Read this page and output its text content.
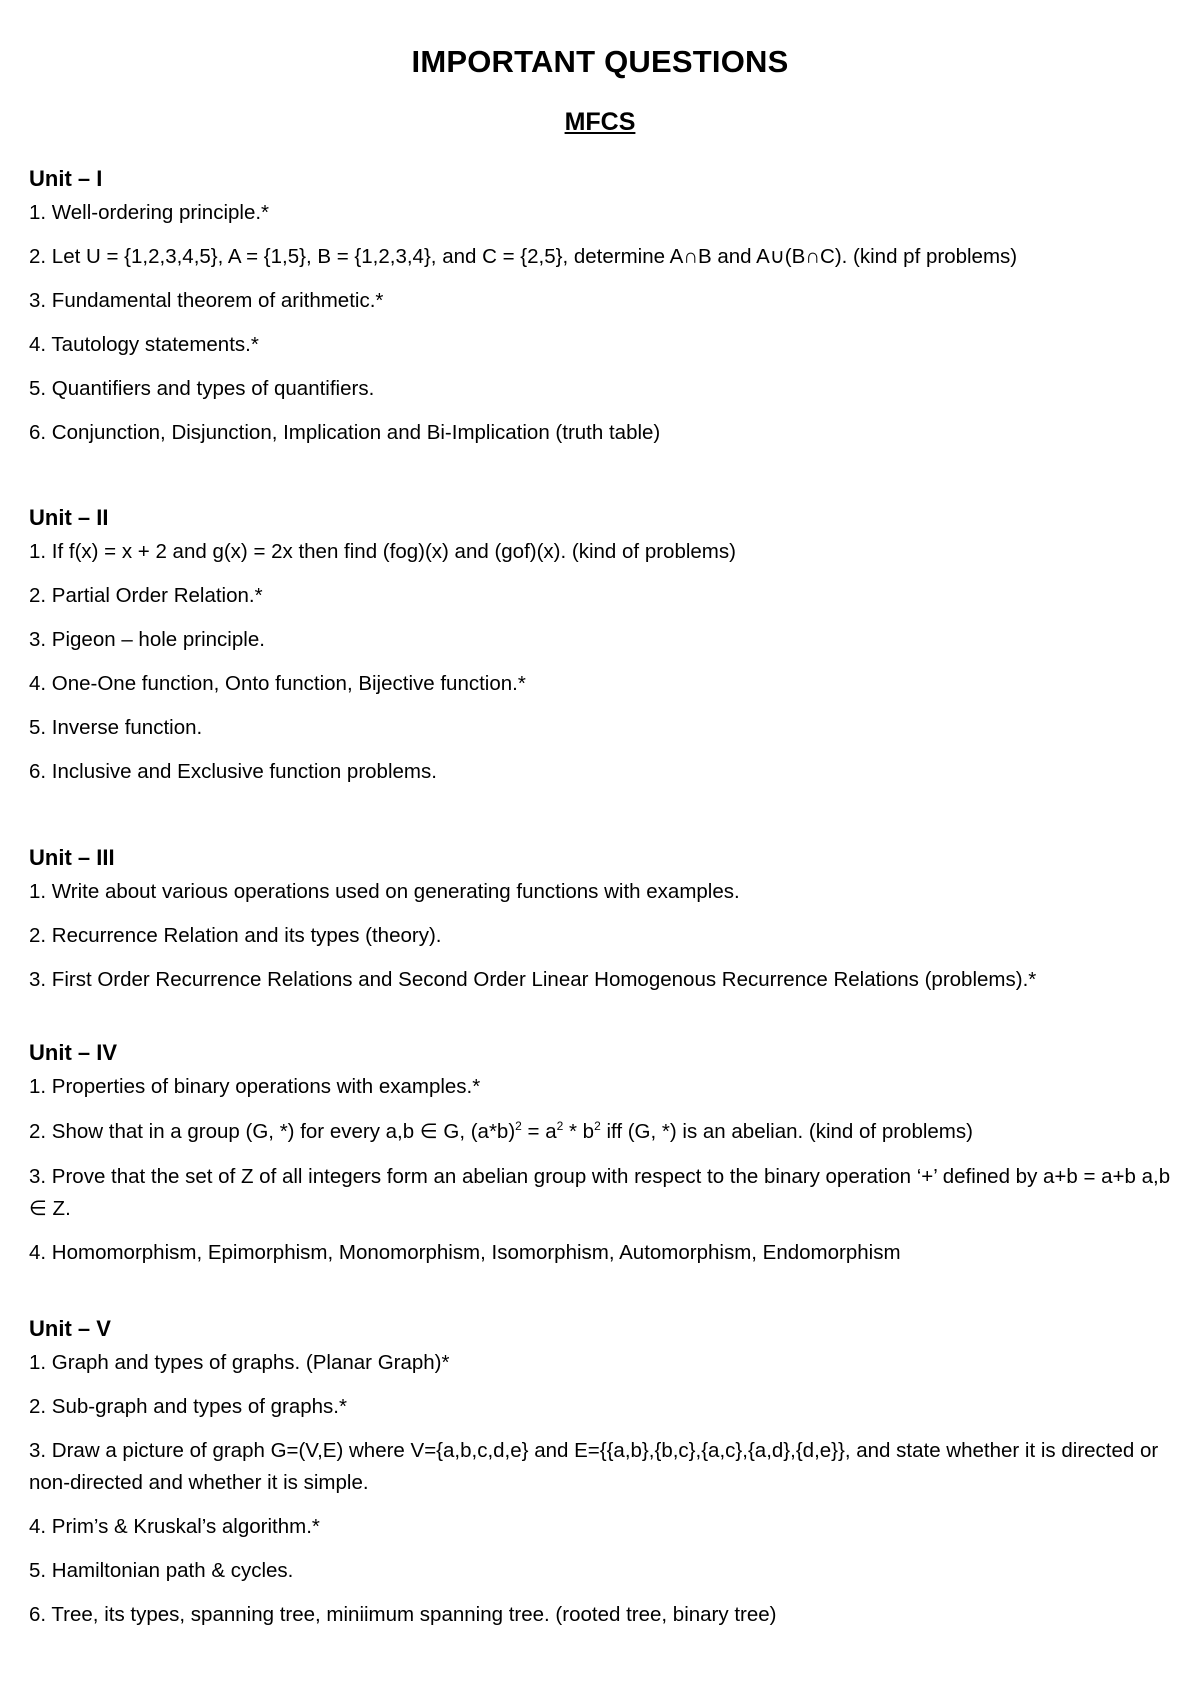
IMPORTANT QUESTIONS
MFCS
Unit – I
1. Well-ordering principle.*
2. Let U = {1,2,3,4,5}, A = {1,5}, B = {1,2,3,4}, and C = {2,5}, determine A∩B and A∪(B∩C). (kind pf problems)
3. Fundamental theorem of arithmetic.*
4. Tautology statements.*
5. Quantifiers and types of quantifiers.
6. Conjunction, Disjunction, Implication and Bi-Implication (truth table)
Unit – II
1. If f(x) = x + 2 and g(x) = 2x then find (fog)(x) and (gof)(x). (kind of problems)
2. Partial Order Relation.*
3. Pigeon – hole principle.
4. One-One function, Onto function, Bijective function.*
5. Inverse function.
6. Inclusive and Exclusive function problems.
Unit – III
1. Write about various operations used on generating functions with examples.
2. Recurrence Relation and its types (theory).
3. First Order Recurrence Relations and Second Order Linear Homogenous Recurrence Relations (problems).*
Unit – IV
1. Properties of binary operations with examples.*
2. Show that in a group (G, *) for every a,b ∈ G, $(a*b)^2 = a^2 * b^2$ iff (G, *) is an abelian. (kind of problems)
3. Prove that the set of Z of all integers form an abelian group with respect to the binary operation ‘+’ defined by a+b = a+b a,b ∈ Z.
4. Homomorphism, Epimorphism, Monomorphism, Isomorphism, Automorphism, Endomorphism
Unit – V
1. Graph and types of graphs. (Planar Graph)*
2. Sub-graph and types of graphs.*
3. Draw a picture of graph G=(V,E) where V={a,b,c,d,e} and E={{a,b},{b,c},{a,c},{a,d},{d,e}}, and state whether it is directed or non-directed and whether it is simple.
4. Prim’s & Kruskal’s algorithm.*
5. Hamiltonian path & cycles.
6. Tree, its types, spanning tree, miniimum spanning tree. (rooted tree, binary tree)
